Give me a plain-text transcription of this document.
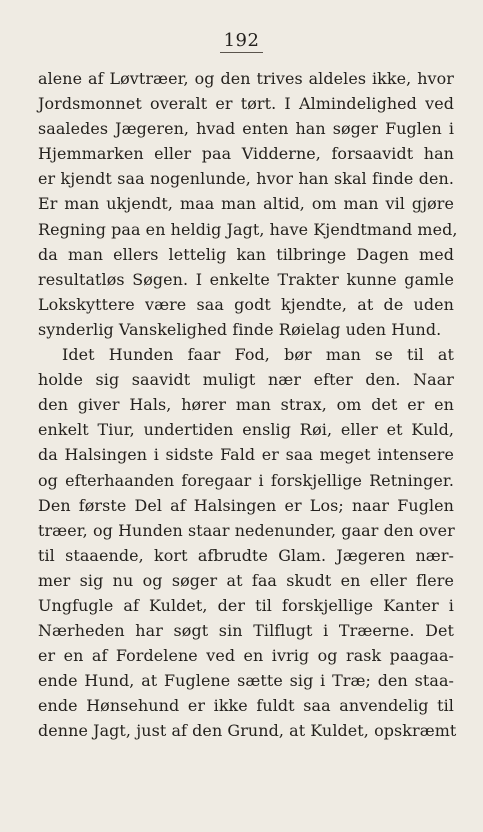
192
alene af Løvtræer, og den trives aldeles ikke, hvor
Jordsmonnet overalt er tørt. I Almindelighed ved
saaledes Jægeren, hvad enten han søger Fuglen i
Hjemmarken eller paa Vidderne, forsaavidt han
er kjendt saa nogenlunde, hvor han skal finde den.
Er man ukjendt, maa man altid, om man vil gjøre
Regning paa en heldig Jagt, have Kjendtmand med,
da man ellers lettelig kan tilbringe Dagen med
resultatløs Søgen. I enkelte Trakter kunne gamle
Lokskyttere være saa godt kjendte, at de uden
synderlig Vanskelighed finde Røielag uden Hund.
Idet Hunden faar Fod, bør man se til at
holde sig saavidt muligt nær efter den. Naar
den giver Hals, hører man strax, om det er en
enkelt Tiur, undertiden enslig Røi, eller et Kuld,
da Halsingen i sidste Fald er saa meget intensere
og efterhaanden foregaar i forskjellige Retninger.
Den første Del af Halsingen er Los; naar Fuglen
træer, og Hunden staar nedenunder, gaar den over
til staaende, kort afbrudte Glam. Jægeren nær-
mer sig nu og søger at faa skudt en eller flere
Ungfugle af Kuldet, der til forskjellige Kanter i
Nærheden har søgt sin Tilflugt i Træerne. Det
er en af Fordelene ved en ivrig og rask paagaa-
ende Hund, at Fuglene sætte sig i Træ; den staa-
ende Hønsehund er ikke fuldt saa anvendelig til
denne Jagt, just af den Grund, at Kuldet, opskræmt
